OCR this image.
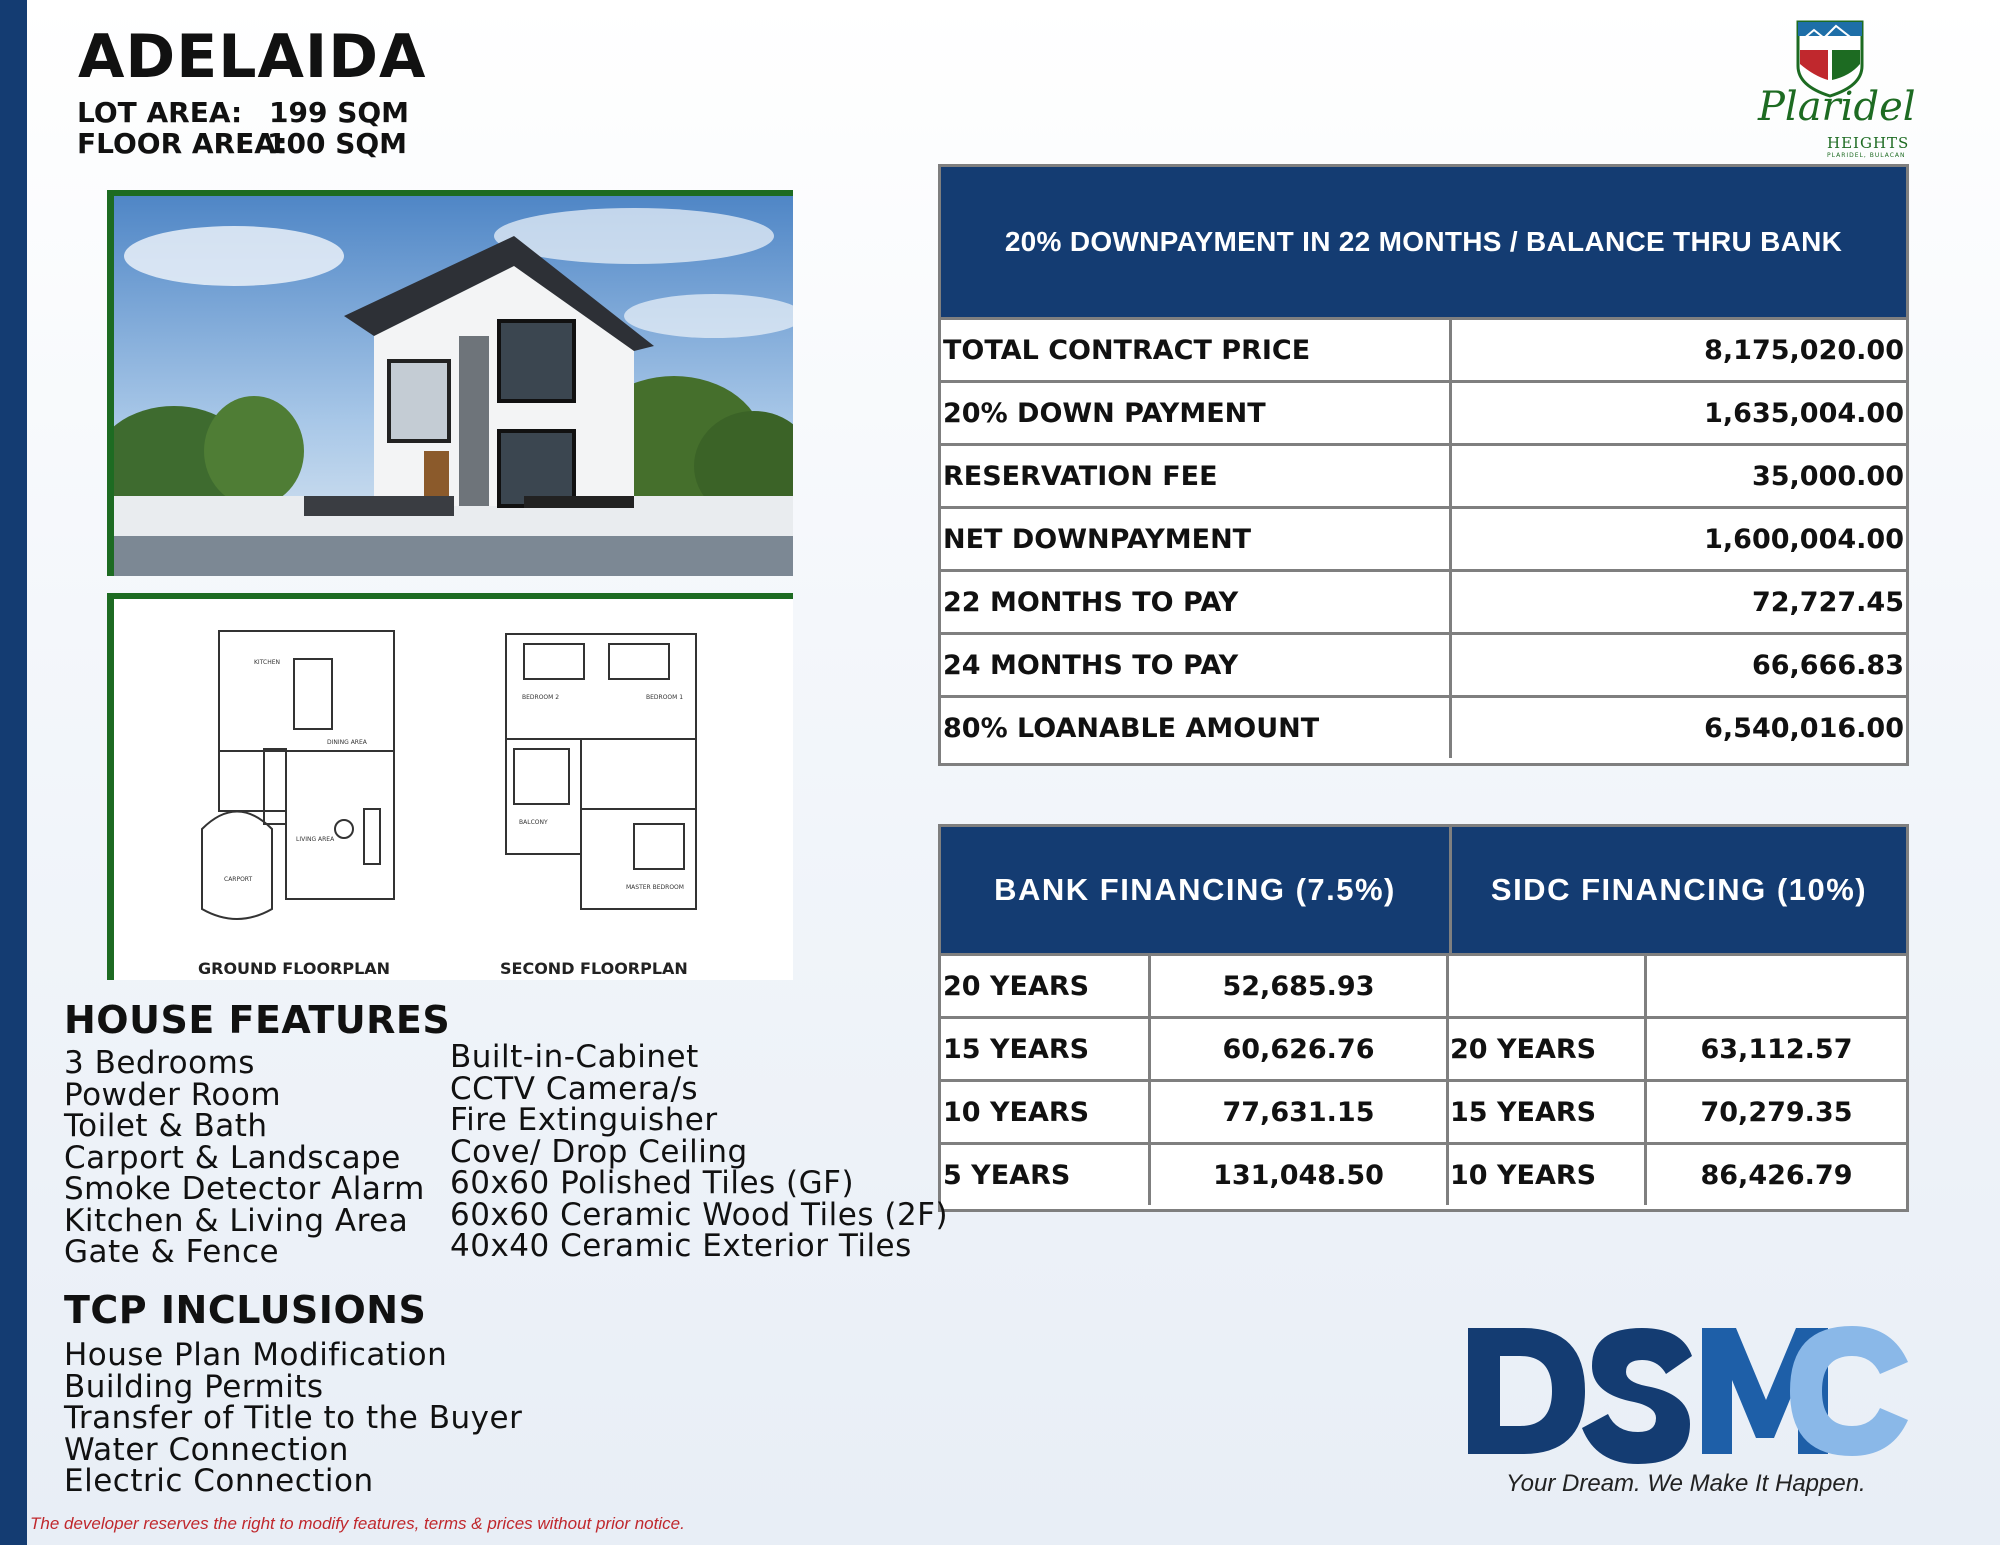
ADELAIDA
LOT AREA: 199 SQM
FLOOR AREA:
100 SQM
KITCHEN
DINING AREA
LIVING AREA
CARPORT
BEDROOM 2	BEDROOM 1
BALCONY
MASTER BEDROOM
GROUND FLOORPLAN	SECOND FLOORPLAN
Plaridel
HEIGHTS
PLARIDEL, BULACAN
20% DOWNPAYMENT IN 22 MONTHS / BALANCE THRU BANK
TOTAL CONTRACT PRICE	8,175,020.00
20% DOWN PAYMENT	1,635,004.00
RESERVATION FEE	35,000.00
NET DOWNPAYMENT	1,600,004.00
22 MONTHS TO PAY	72,727.45
24 MONTHS TO PAY	66,666.83
80% LOANABLE AMOUNT	6,540,016.00
BANK FINANCING (7.5%)	SIDC FINANCING (10%)
20 YEARS	52,685.93
15 YEARS	60,626.76	20 YEARS	63,112.57
10 YEARS	77,631.15	15 YEARS	70,279.35
5 YEARS	131,048.50	10 YEARS	86,426.79
HOUSE FEATURES
3 Bedrooms
Powder Room
Toilet & Bath
Carport & Landscape
Smoke Detector Alarm
Kitchen & Living Area
Gate & Fence
Built-in-Cabinet
CCTV Camera/s
Fire Extinguisher
Cove/ Drop Ceiling
60x60 Polished Tiles (GF)
60x60 Ceramic Wood Tiles (2F)
40x40 Ceramic Exterior Tiles
TCP INCLUSIONS
House Plan Modification
Building Permits
Transfer of Title to the Buyer
Water Connection
Electric Connection	Your Dream. We Make It Happen.
The developer reserves the right to modify features, terms & prices without prior notice.
